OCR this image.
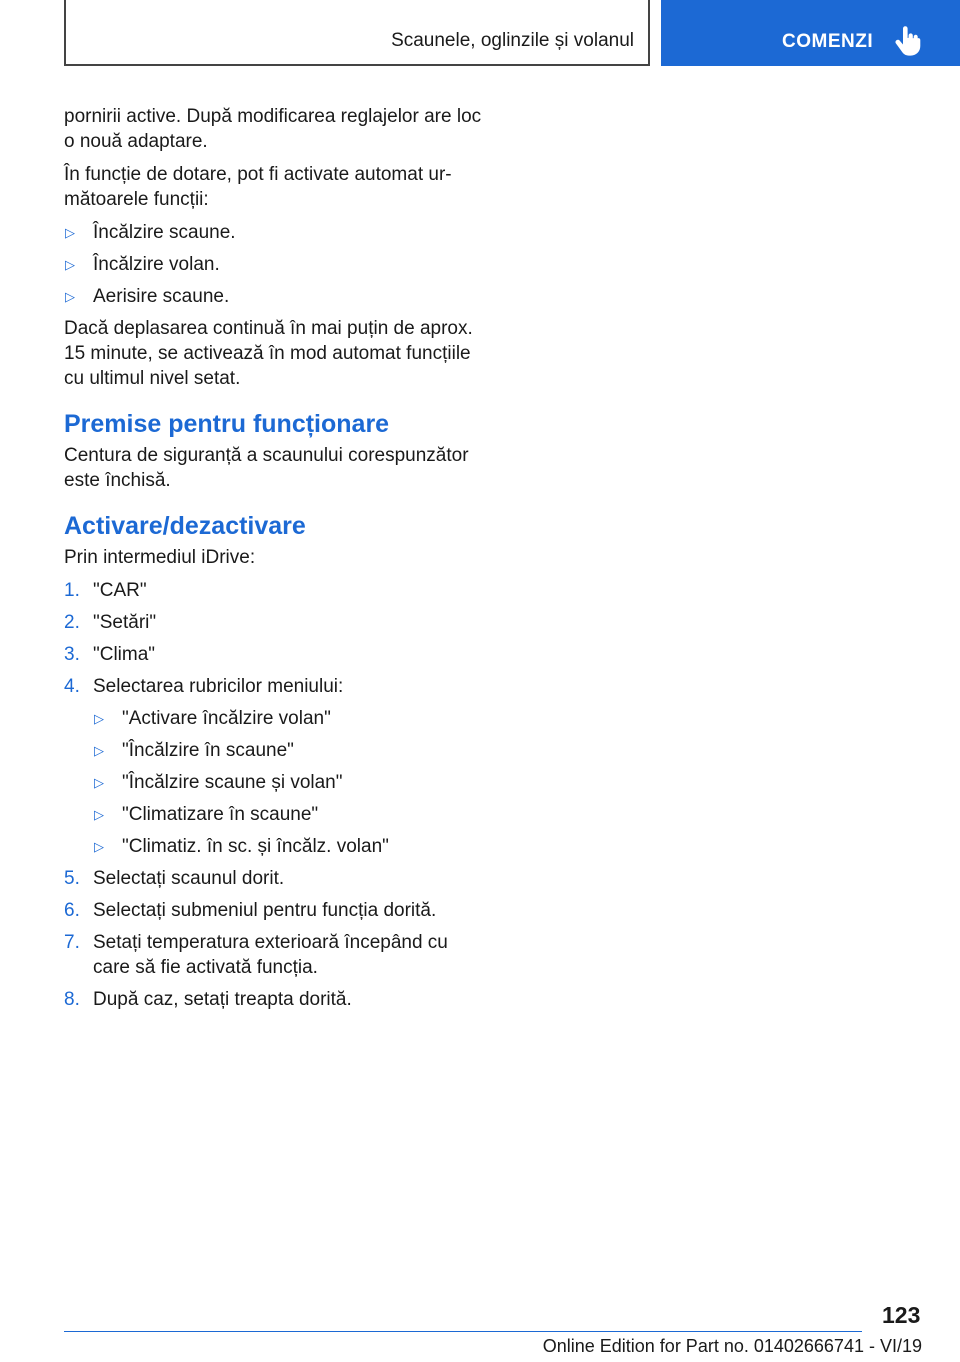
Scaunele, oglinzile și volanul	COMENZI

pornirii active. După modificarea reglajelor are loc o nouă adaptare.

În funcție de dotare, pot fi activate automat următoarele funcții:

▷ Încălzire scaune.
▷ Încălzire volan.
▷ Aerisire scaune.

Dacă deplasarea continuă în mai puțin de aprox. 15 minute, se activează în mod automat funcțiile cu ultimul nivel setat.

Premise pentru funcționare

Centura de siguranță a scaunului corespunzător este închisă.

Activare/dezactivare

Prin intermediul iDrive:

1. "CAR"
2. "Setări"
3. "Clima"
4. Selectarea rubricilor meniului:
▷ "Activare încălzire volan"
▷ "Încălzire în scaune"
▷ "Încălzire scaune și volan"
▷ "Climatizare în scaune"
▷ "Climatiz. în sc. și încălz. volan"
5. Selectați scaunul dorit.
6. Selectați submeniul pentru funcția dorită.
7. Setați temperatura exterioară începând cu care să fie activată funcția.
8. După caz, setați treapta dorită.
123
Online Edition for Part no. 01402666741 - VI/19
